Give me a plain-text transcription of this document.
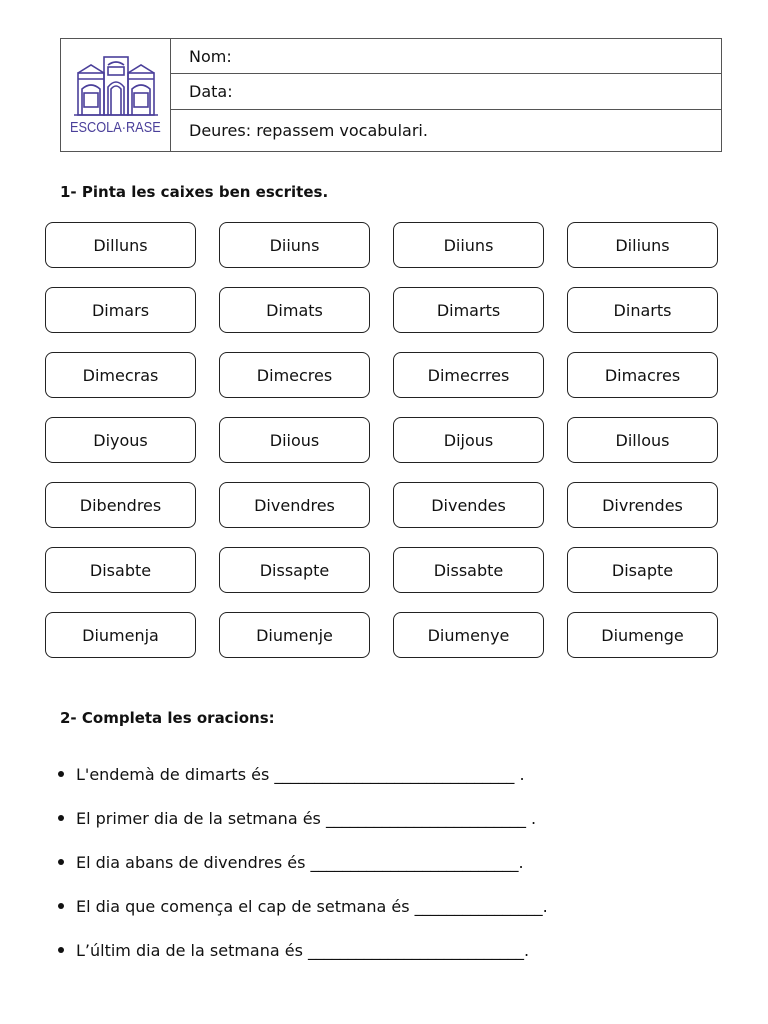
ESCOLA·RASE
Nom:
Data:
Deures: repassem vocabulari.
1- Pinta les caixes ben escrites.
Dilluns	Diiuns	Diiuns	Diliuns
Dimars	Dimats	Dimarts	Dinarts
Dimecras	Dimecres	Dimecrres	Dimacres
Diyous	Diious	Dijous	Dillous
Dibendres	Divendres	Divendes	Divrendes
Disabte	Dissapte	Dissabte	Disapte
Diumenja	Diumenje	Diumenye	Diumenge
2- Completa les oracions:
L'endemà de dimarts és ______________________________ .
El primer dia de la setmana és _________________________ .
El dia abans de divendres és __________________________.
El dia que comença el cap de setmana és ________________.
L’últim dia de la setmana és ___________________________.
